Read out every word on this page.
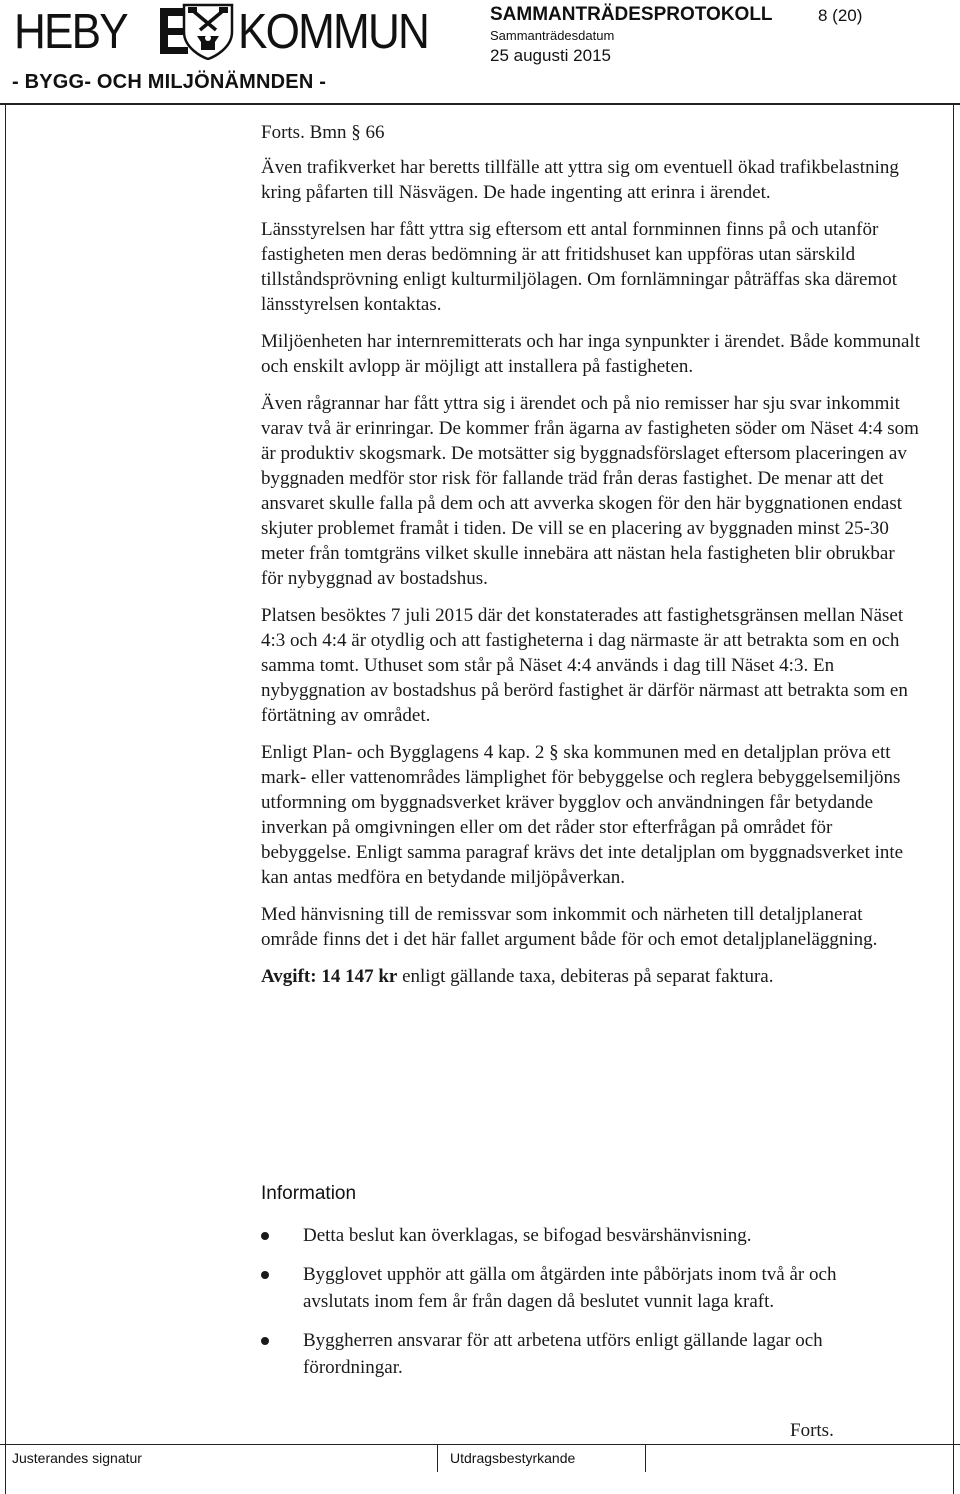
HEBY KOMMUN
- BYGG- OCH MILJÖNÄMNDEN -
SAMMANTRÄDESPROTOKOLL	8 (20)
Sammanträdesdatum
25 augusti 2015

Forts. Bmn § 66

Även trafikverket har beretts tillfälle att yttra sig om eventuell ökad trafikbelastning kring påfarten till Näsvägen. De hade ingenting att erinra i ärendet.

Länsstyrelsen har fått yttra sig eftersom ett antal fornminnen finns på och utanför fastigheten men deras bedömning är att fritidshuset kan uppföras utan särskild tillståndsprövning enligt kulturmiljölagen. Om fornlämningar påträffas ska däremot länsstyrelsen kontaktas.

Miljöenheten har internremitterats och har inga synpunkter i ärendet. Både kommunalt och enskilt avlopp är möjligt att installera på fastigheten.

Även rågrannar har fått yttra sig i ärendet och på nio remisser har sju svar inkommit varav två är erinringar. De kommer från ägarna av fastigheten söder om Näset 4:4 som är produktiv skogsmark. De motsätter sig byggnadsförslaget eftersom placeringen av byggnaden medför stor risk för fallande träd från deras fastighet. De menar att det ansvaret skulle falla på dem och att avverka skogen för den här byggnationen endast skjuter problemet framåt i tiden. De vill se en placering av byggnaden minst 25-30 meter från tomtgräns vilket skulle innebära att nästan hela fastigheten blir obrukbar för nybyggnad av bostadshus.

Platsen besöktes 7 juli 2015 där det konstaterades att fastighetsgränsen mellan Näset 4:3 och 4:4 är otydlig och att fastigheterna i dag närmaste är att betrakta som en och samma tomt. Uthuset som står på Näset 4:4 används i dag till Näset 4:3. En nybyggnation av bostadshus på berörd fastighet är därför närmast att betrakta som en förtätning av området.

Enligt Plan- och Bygglagens 4 kap. 2 § ska kommunen med en detaljplan pröva ett mark- eller vattenområdes lämplighet för bebyggelse och reglera bebyggelsemiljöns utformning om byggnadsverket kräver bygglov och användningen får betydande inverkan på omgivningen eller om det råder stor efterfrågan på området för bebyggelse. Enligt samma paragraf krävs det inte detaljplan om byggnadsverket inte kan antas medföra en betydande miljöpåverkan.

Med hänvisning till de remissvar som inkommit och närheten till detaljplanerat område finns det i det här fallet argument både för och emot detaljplaneläggning.

Avgift: 14 147 kr enligt gällande taxa, debiteras på separat faktura.

Information
Detta beslut kan överklagas, se bifogad besvärshänvisning.
Bygglovet upphör att gälla om åtgärden inte påbörjats inom två år och avslutats inom fem år från dagen då beslutet vunnit laga kraft.
Byggherren ansvarar för att arbetena utförs enligt gällande lagar och förordningar.
Forts.
Justerandes signatur	Utdragsbestyrkande
